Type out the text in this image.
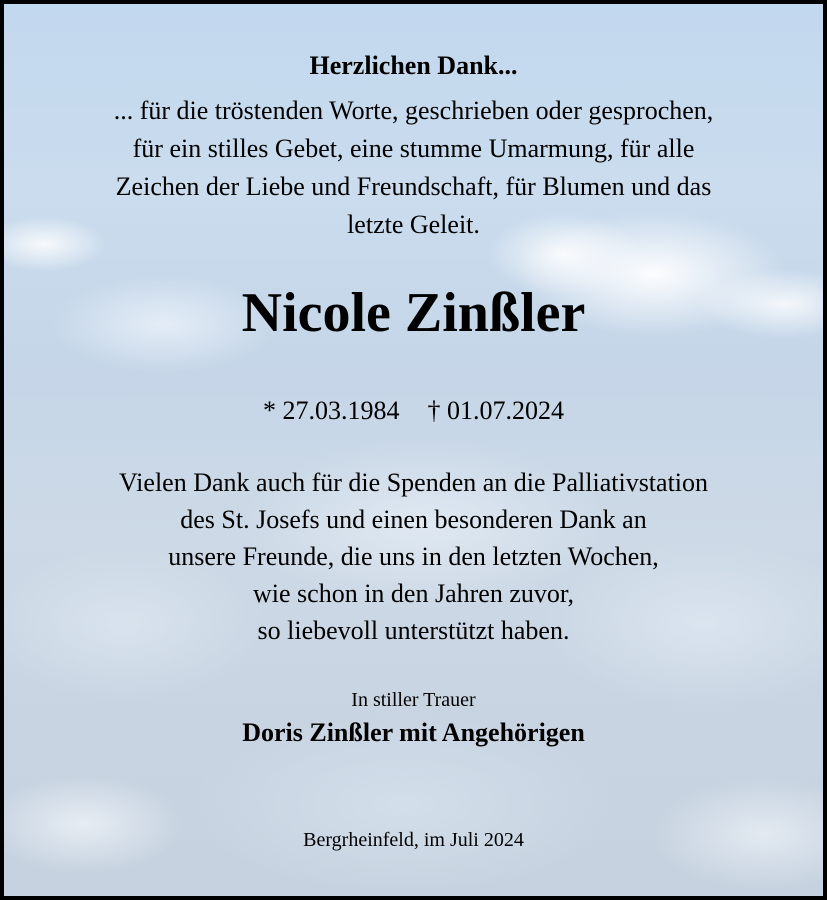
Herzlichen Dank...

... für die tröstenden Worte, geschrieben oder gesprochen,
für ein stilles Gebet, eine stumme Umarmung, für alle
Zeichen der Liebe und Freundschaft, für Blumen und das
letzte Geleit.

Nicole Zinßler

* 27.03.1984 † 01.07.2024

Vielen Dank auch für die Spenden an die Palliativstation
des St. Josefs und einen besonderen Dank an
unsere Freunde, die uns in den letzten Wochen,
wie schon in den Jahren zuvor,
so liebevoll unterstützt haben.

In stiller Trauer

Doris Zinßler mit Angehörigen

Bergrheinfeld, im Juli 2024
